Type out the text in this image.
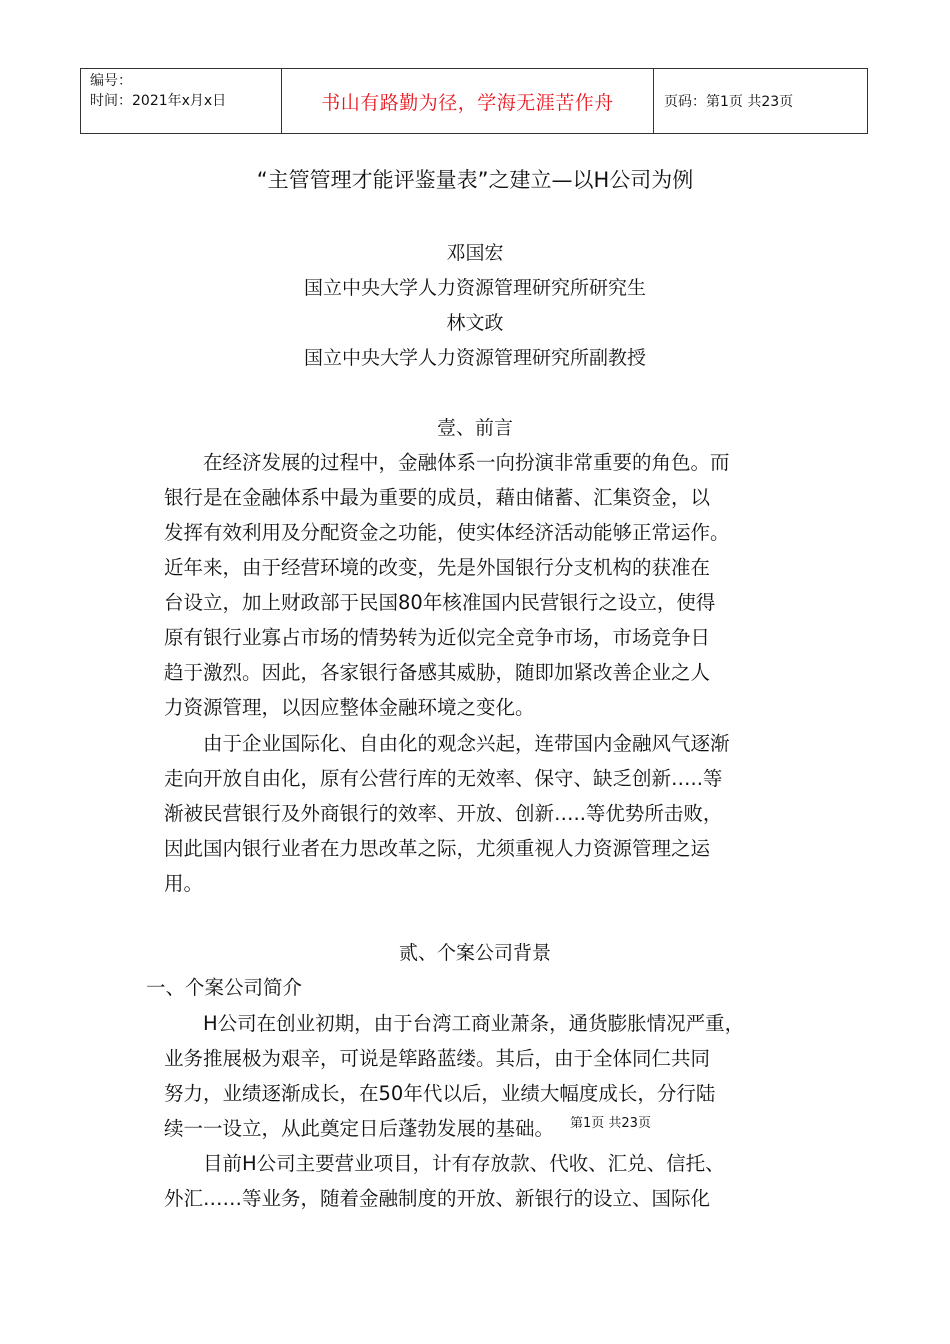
编号：
时间：2021年x月x日	书山有路勤为径，学海无涯苦作舟	页码：第1页 共23页
“主管管理才能评鉴量表”之建立—以H公司为例
邓国宏
国立中央大学人力资源管理研究所研究生
林文政
国立中央大学人力资源管理研究所副教授
壹、前言
　　在经济发展的过程中，金融体系一向扮演非常重要的角色。而
银行是在金融体系中最为重要的成员，藉由储蓄、汇集资金，以
发挥有效利用及分配资金之功能，使实体经济活动能够正常运作。
近年来，由于经营环境的改变，先是外国银行分支机构的获准在
台设立，加上财政部于民国80年核准国内民营银行之设立，使得
原有银行业寡占市场的情势转为近似完全竞争市场，市场竞争日
趋于激烈。因此，各家银行备感其威胁，随即加紧改善企业之人
力资源管理，以因应整体金融环境之变化。
　　由于企业国际化、自由化的观念兴起，连带国内金融风气逐渐
走向开放自由化，原有公营行库的无效率、保守、缺乏创新…..等
渐被民营银行及外商银行的效率、开放、创新…..等优势所击败，
因此国内银行业者在力思改革之际，尤须重视人力资源管理之运
用。
贰、个案公司背景
一、个案公司简介
　　H公司在创业初期，由于台湾工商业萧条，通货膨胀情况严重，
业务推展极为艰辛，可说是筚路蓝缕。其后，由于全体同仁共同
努力，业绩逐渐成长，在50年代以后，业绩大幅度成长，分行陆
续一一设立，从此奠定日后蓬勃发展的基础。	第1页 共23页
　　目前H公司主要营业项目，计有存放款、代收、汇兑、信托、
外汇……等业务，随着金融制度的开放、新银行的设立、国际化
